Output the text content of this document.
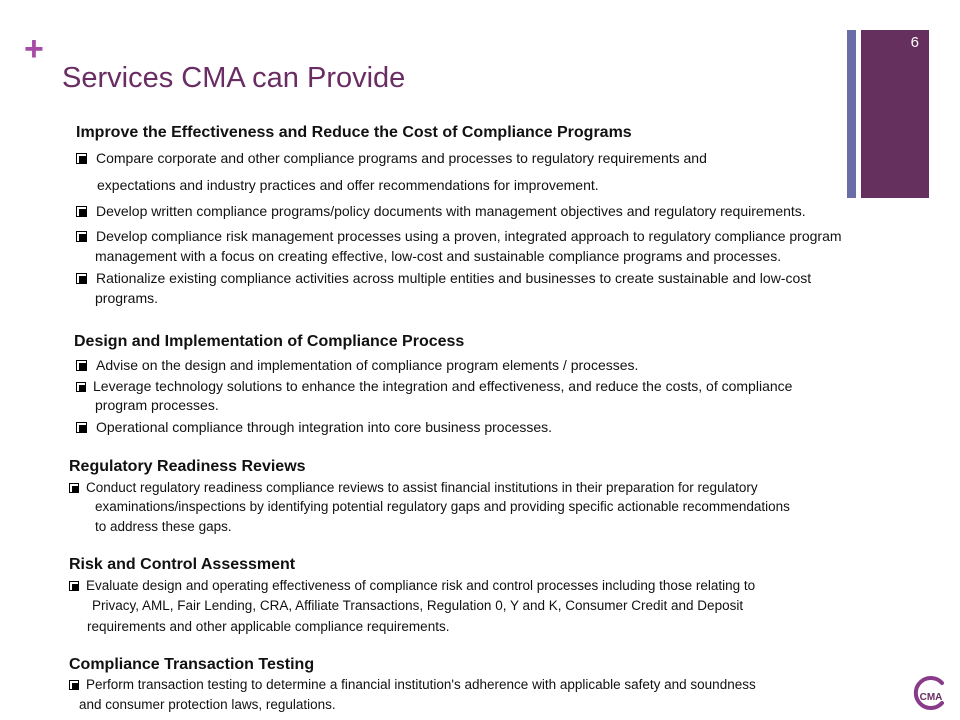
+
Services CMA can Provide
6
Improve the Effectiveness and Reduce the Cost of Compliance Programs
Compare corporate and other compliance programs and processes to regulatory requirements and
expectations and industry practices and offer recommendations for improvement.
Develop written compliance programs/policy documents with management objectives and regulatory requirements.
Develop compliance risk management processes using a proven, integrated approach to regulatory compliance program
management with a focus on creating effective, low-cost and sustainable compliance programs and processes.
Rationalize existing compliance activities across multiple entities and businesses to create sustainable and low-cost
programs.
Design and Implementation of Compliance Process
Advise on the design and implementation of compliance program elements / processes.
Leverage technology solutions to enhance the integration and effectiveness, and reduce the costs, of compliance
program processes.
Operational compliance through integration into core business processes.
Regulatory Readiness Reviews
Conduct regulatory readiness compliance reviews to assist financial institutions in their preparation for regulatory
examinations/inspections by identifying potential regulatory gaps and providing specific actionable recommendations
to address these gaps.
Risk and Control Assessment
Evaluate design and operating effectiveness of compliance risk and control processes including those relating to
Privacy, AML, Fair Lending, CRA, Affiliate Transactions, Regulation 0, Y and K, Consumer Credit and Deposit
requirements and other applicable compliance requirements.
Compliance Transaction Testing
Perform transaction testing to determine a financial institution's adherence with applicable safety and soundness
and consumer protection laws, regulations.	CMA
